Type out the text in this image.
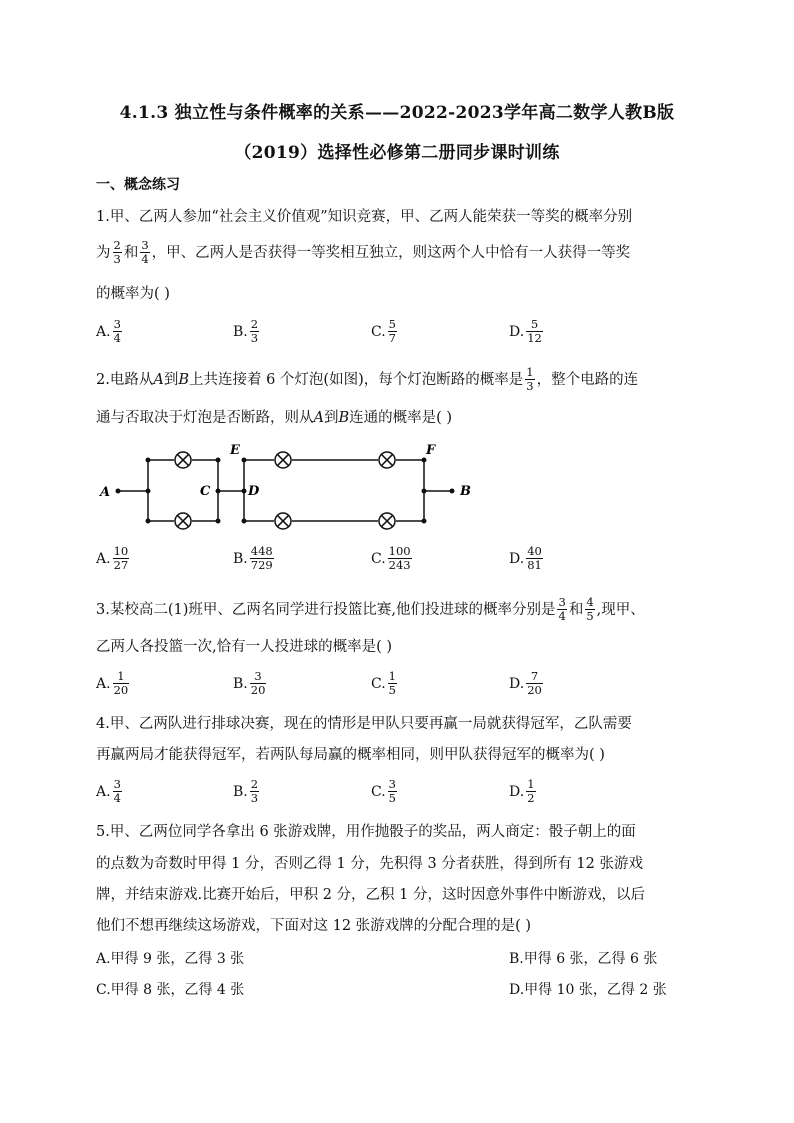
4.1.3 独立性与条件概率的关系——2022-2023学年高二数学人教B版
（2019）选择性必修第二册同步课时训练
一、概念练习
1.甲、乙两人参加“社会主义价值观”知识竞赛，甲、乙两人能荣获一等奖的概率分别
为 $\frac{2}{3}$ 和 $\frac{3}{4}$ ，甲、乙两人是否获得一等奖相互独立，则这两个人中恰有一人获得一等奖
的概率为( )
A. $\frac{3}{4}$	B. $\frac{2}{3}$	C. $\frac{5}{7}$	D. $\frac{5}{12}$
2.电路从 A 到 B 上共连接着 6 个灯泡(如图)，每个灯泡断路的概率是 $\frac{1}{3}$ ，整个电路的连
通与否取决于灯泡是否断路，则从 A 到 B 连通的概率是( )
A	C	D
E	F
B
A. $\frac{10}{27}$	B. $\frac{448}{729}$	C. $\frac{100}{243}$	D. $\frac{40}{81}$
3.某校高二(1)班甲、乙两名同学进行投篮比赛,他们投进球的概率分别是 $\frac{3}{4}$ 和 $\frac{4}{5}$ ,现甲、
乙两人各投篮一次,恰有一人投进球的概率是( )
A. $\frac{1}{20}$	B. $\frac{3}{20}$	C. $\frac{1}{5}$	D. $\frac{7}{20}$
4.甲、乙两队进行排球决赛，现在的情形是甲队只要再赢一局就获得冠军，乙队需要
再赢两局才能获得冠军，若两队每局赢的概率相同，则甲队获得冠军的概率为( )
A. $\frac{3}{4}$	B. $\frac{2}{3}$	C. $\frac{3}{5}$	D. $\frac{1}{2}$
5.甲、乙两位同学各拿出 6 张游戏牌，用作抛骰子的奖品，两人商定：骰子朝上的面
的点数为奇数时甲得 1 分，否则乙得 1 分，先积得 3 分者获胜，得到所有 12 张游戏
牌，并结束游戏.比赛开始后，甲积 2 分，乙积 1 分，这时因意外事件中断游戏，以后
他们不想再继续这场游戏，下面对这 12 张游戏牌的分配合理的是( )
A.甲得 9 张，乙得 3 张	B.甲得 6 张，乙得 6 张
C.甲得 8 张，乙得 4 张	D.甲得 10 张，乙得 2 张
